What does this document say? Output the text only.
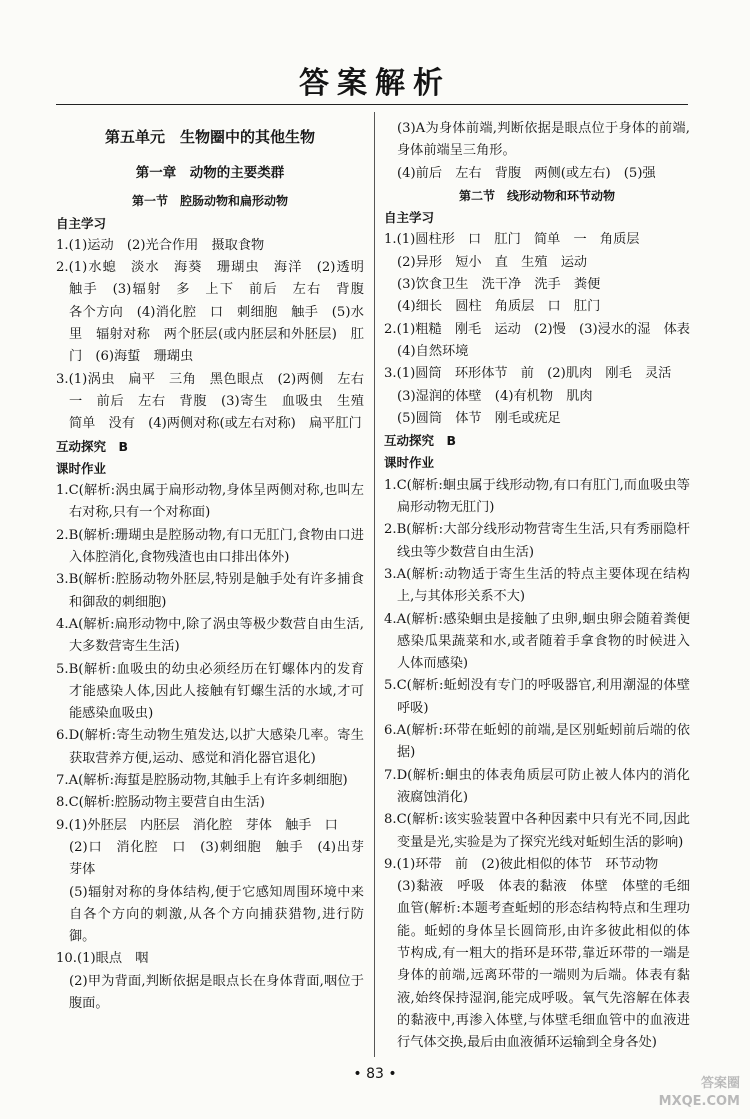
答案解析

第五单元　生物圈中的其他生物

第一章　动物的主要类群

第一节　腔肠动物和扁形动物

自主学习

1.(1)运动　(2)光合作用　摄取食物

2.(1)水螅　淡水　海葵　珊瑚虫　海洋　(2)透明　触手　(3)辐射　多　上下　前后　左右　背腹　各个方向　(4)消化腔　口　刺细胞　触手　(5)水里　辐射对称　两个胚层(或内胚层和外胚层)　肛门　(6)海蜇　珊瑚虫

3.(1)涡虫　扁平　三角　黑色眼点　(2)两侧　左右一　前后　左右　背腹　(3)寄生　血吸虫　生殖简单　没有　(4)两侧对称(或左右对称)　扁平肛门

互动探究　B

课时作业

1.C(解析:涡虫属于扁形动物,身体呈两侧对称,也叫左右对称,只有一个对称面)

2.B(解析:珊瑚虫是腔肠动物,有口无肛门,食物由口进入体腔消化,食物残渣也由口排出体外)

3.B(解析:腔肠动物外胚层,特别是触手处有许多捕食和御敌的刺细胞)

4.A(解析:扁形动物中,除了涡虫等极少数营自由生活,大多数营寄生生活)

5.B(解析:血吸虫的幼虫必须经历在钉螺体内的发育才能感染人体,因此人接触有钉螺生活的水域,才可能感染血吸虫)

6.D(解析:寄生动物生殖发达,以扩大感染几率。寄生获取营养方便,运动、感觉和消化器官退化)

7.A(解析:海蜇是腔肠动物,其触手上有许多刺细胞)

8.C(解析:腔肠动物主要营自由生活)

9.(1)外胚层　内胚层　消化腔　芽体　触手　口

(2)口　消化腔　口　(3)刺细胞　触手　(4)出芽　芽体

(5)辐射对称的身体结构,便于它感知周围环境中来自各个方向的刺激,从各个方向捕获猎物,进行防御。

10.(1)眼点　咽

(2)甲为背面,判断依据是眼点长在身体背面,咽位于腹面。

(3)A为身体前端,判断依据是眼点位于身体的前端,身体前端呈三角形。

(4)前后　左右　背腹　两侧(或左右)　(5)强

第二节　线形动物和环节动物

自主学习

1.(1)圆柱形　口　肛门　简单　一　角质层

(2)异形　短小　直　生殖　运动

(3)饮食卫生　洗干净　洗手　粪便

(4)细长　圆柱　角质层　口　肛门

2.(1)粗糙　刚毛　运动　(2)慢　(3)浸水的湿　体表

(4)自然环境

3.(1)圆筒　环形体节　前　(2)肌肉　刚毛　灵活

(3)湿润的体壁　(4)有机物　肌肉

(5)圆筒　体节　刚毛或疣足

互动探究　B

课时作业

1.C(解析:蛔虫属于线形动物,有口有肛门,而血吸虫等扁形动物无肛门)

2.B(解析:大部分线形动物营寄生生活,只有秀丽隐杆线虫等少数营自由生活)

3.A(解析:动物适于寄生生活的特点主要体现在结构上,与其体形关系不大)

4.A(解析:感染蛔虫是接触了虫卵,蛔虫卵会随着粪便感染瓜果蔬菜和水,或者随着手拿食物的时候进入人体而感染)

5.C(解析:蚯蚓没有专门的呼吸器官,利用潮湿的体壁呼吸)

6.A(解析:环带在蚯蚓的前端,是区别蚯蚓前后端的依据)

7.D(解析:蛔虫的体表角质层可防止被人体内的消化液腐蚀消化)

8.C(解析:该实验装置中各种因素中只有光不同,因此变量是光,实验是为了探究光线对蚯蚓生活的影响)

9.(1)环带　前　(2)彼此相似的体节　环节动物

(3)黏液　呼吸　体表的黏液　体壁　体壁的毛细血管(解析:本题考查蚯蚓的形态结构特点和生理功能。蚯蚓的身体呈长圆筒形,由许多彼此相似的体节构成,有一粗大的指环是环带,靠近环带的一端是身体的前端,远离环带的一端则为后端。体表有黏液,始终保持湿润,能完成呼吸。氧气先溶解在体表的黏液中,再渗入体壁,与体壁毛细血管中的血液进行气体交换,最后由血液循环运输到全身各处)

• 83 •
答案圈
MXQE.COM
